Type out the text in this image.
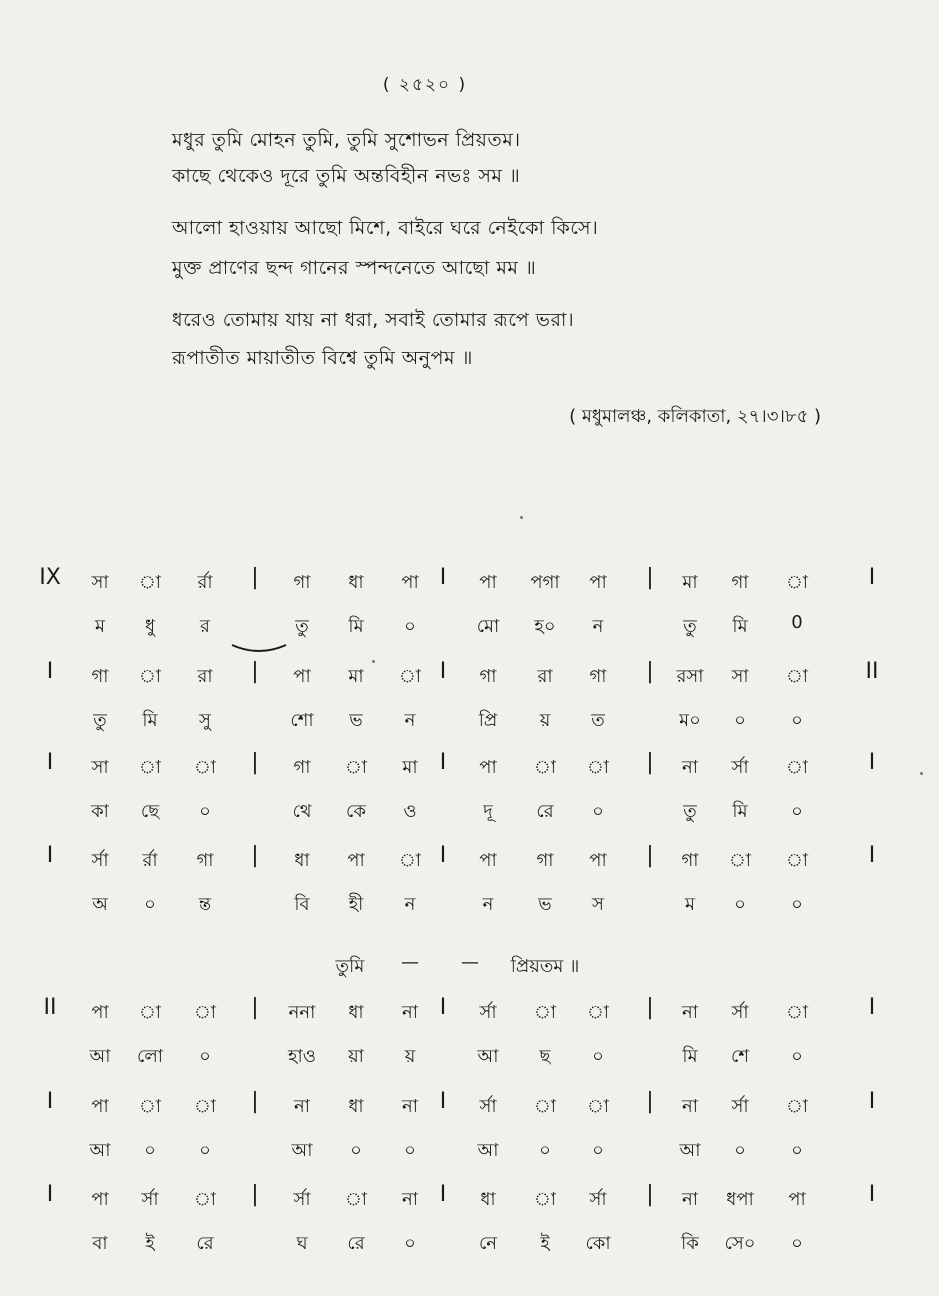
( ২৫২০ )
মধুর তুমি মোহন তুমি, তুমি সুশোভন প্রিয়তম।
কাছে থেকেও দূরে তুমি অন্তবিহীন নভঃ সম ॥
আলো হাওয়ায় আছো মিশে, বাইরে ঘরে নেইকো কিসে।
মুক্ত প্রাণের ছন্দ গানের স্পন্দনেতে আছো মম ॥
ধরেও তোমায় যায় না ধরা, সবাই তোমার রূপে ভরা।
রূপাতীত মায়াতীত বিশ্বে তুমি অনুপম ॥
( মধুমালঞ্চ, কলিকাতা, ২৭।৩।৮৫ )
IX	|	I	|	I
সা	া	র্রা	গা	ধা	পা	পা	পগা	পা	মা	গা	া
ম	ধু	র	তু	মি	০	মো	হ০	ন	তু	মি	0
I	|	I	|	II
গা	া	রা	পা	মা	া	গা	রা	গা	রসা	সা	া
তু	মি	সু	শো	ভ	ন	প্রি	য়	ত	ম০	০	০
I	|	I	|	I
সা	া	া	গা	া	মা	পা	া	া	না	র্সা	া
কা	ছে	০	থে	কে	ও	দূ	রে	০	তু	মি	০
I	|	I	|	I
র্সা	র্রা	গা	ধা	পা	া	পা	গা	পা	গা	া	া
অ	০	ন্ত	বি	হী	ন	ন	ভ	স	ম	০	০
II	|	I	|	I
পা	া	া	ননা	ধা	না	র্সা	া	া	না	র্সা	া
আ	লো	০	হাও	য়া	য়	আ	ছ	০	মি	শে	০
I	|	I	|	I
পা	া	া	না	ধা	না	র্সা	া	া	না	র্সা	া
আ	০	০	আ	০	০	আ	০	০	আ	০	০
I	|	I	|	I
পা	র্সা	া	র্সা	া	না	ধা	া	র্সা	না	ধপা	পা
বা	ই	রে	ঘ	রে	০	নে	ই	কো	কি	সে০	০
তুমি	—	—	প্রিয়তম ॥
